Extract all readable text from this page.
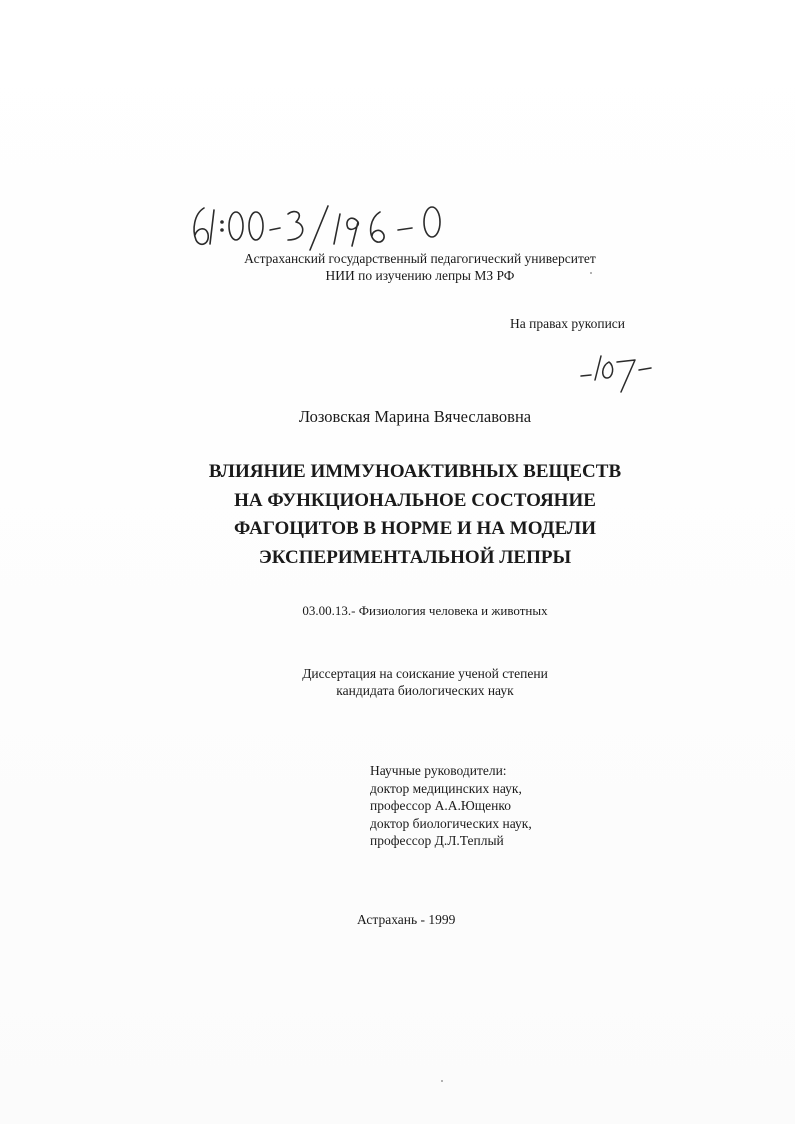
Астраханский государственный педагогический университет
НИИ по изучению лепры МЗ РФ
На правах рукописи
Лозовская Марина Вячеславовна
ВЛИЯНИЕ ИММУНОАКТИВНЫХ ВЕЩЕСТВ
НА ФУНКЦИОНАЛЬНОЕ СОСТОЯНИЕ
ФАГОЦИТОВ В НОРМЕ И НА МОДЕЛИ
ЭКСПЕРИМЕНТАЛЬНОЙ ЛЕПРЫ
03.00.13.- Физиология человека и животных
Диссертация на соискание ученой степени
кандидата биологических наук
Научные руководители:
доктор медицинских наук,
профессор А.А.Ющенко
доктор биологических наук,
профессор Д.Л.Теплый
Астрахань - 1999
